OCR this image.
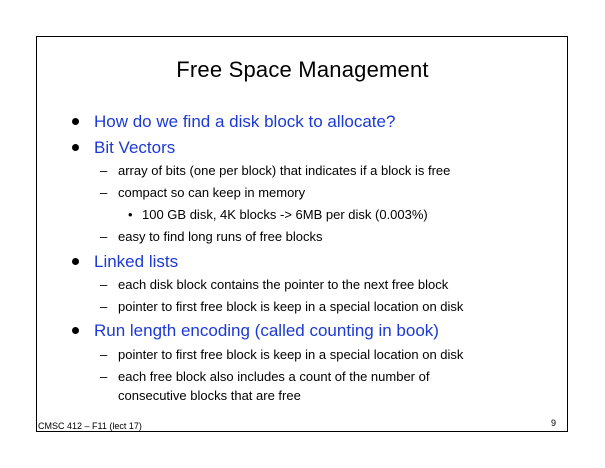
Free Space Management
How do we find a disk block to allocate?
Bit Vectors
– array of bits (one per block) that indicates if a block is free
– compact so can keep in memory
• 100 GB disk, 4K blocks -> 6MB per disk (0.003%)
– easy to find long runs of free blocks
Linked lists
– each disk block contains the pointer to the next free block
– pointer to first free block is keep in a special location on disk
Run length encoding (called counting in book)
– pointer to first free block is keep in a special location on disk
– each free block also includes a count of the number of
consecutive blocks that are free
CMSC 412 – F11 (lect 17)	9
